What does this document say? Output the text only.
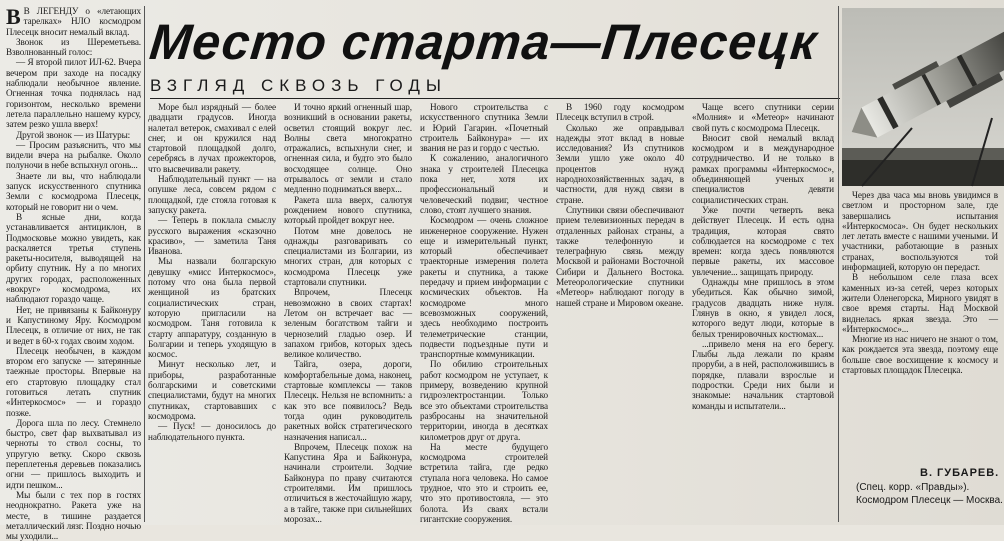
Место старта—Плесецк
ВЗГЛЯД СКВОЗЬ ГОДЫ

В В ЛЕГЕНДУ о «летающих тарелках» НЛО космодром Плесецк вносит немалый вклад.

Звонок из Шереметьева. Взволнованный голос:

— Я второй пилот ИЛ-62. Вчера вечером при заходе на посадку наблюдали необычное явление. Огненная точка поднялась над горизонтом, несколько времени летела параллельно нашему курсу, затем резко ушла вверх!

Другой звонок — из Шатуры:

— Просим разъяснить, что мы видели вчера на рыбалке. Около полуночи в небе вспыхнул огонь...

Знаете ли вы, что наблюдали запуск искусственного спутника Земли с космодрома Плесецк, который не говорит ни о чем.

В ясные дни, когда устанавливается антициклон, в Подмосковье можно увидеть, как раскаляется третья ступень ракеты-носителя, выводящей на орбиту спутник. Ну а по многих других городах, расположенных «вокруг» космодрома, их наблюдают гораздо чаще.

Нет, не привязаны к Байконуру и Капустиному Яру. Космодром Плесецк, в отличие от них, не так и ведет в 60-х годах своим ходом.

Плесецк необычен, в каждом втором его запуске — затерянные таежные просторы. Впервые на его стартовую площадку стал готовиться летать спутник «Интеркосмос» — и гораздо позже.

Дорога шла по лесу. Стемнело быстро, свет фар выхватывал из черноты то ствол сосны, то упругую ветку. Скоро сквозь переплетенья деревьев показались огни — пришлось выходить и идти пешком...

Мы были с тех пор в гостях неоднократно. Ракета уже на месте, в тишине раздается металлический лязг. Поздно ночью мы уходили...

Море был изрядный — более двадцати градусов. Иногда налетал ветерок, смахивал с елей снег, и он кружился над стартовой площадкой долго, серебрясь в лучах прожекторов, что высвечивали ракету.

Наблюдательный пункт — на опушке леса, совсем рядом с площадкой, где стояла готовая к запуску ракета.

— Теперь в поклала смыслу русского выражения «сказочно красиво», — заметила Таня Иванова.

Мы назвали болгарскую девушку «мисс Интеркосмос», потому что она была первой женщиной из братских социалистических стран, которую пригласили на космодром. Таня готовила к старту аппаратуру, созданную в Болгарии и теперь уходящую в космос.

Минут несколько лет, и приборы, разработанные болгарскими и советскими специалистами, будут на многих спутниках, стартовавших с космодрома.

— Пуск! — доносилось до наблюдательного пункта.

И точно яркий огненный шар, возникший в основании ракеты, осветил стоящий вокруг лес. Волны света многократно отражались, вспыхнули снег, и огненная сила, и будто это было восходящее солнце. Оно отрывалось от земли и стало медленно подниматься вверх...

Ракета шла вверх, салютуя рождением нового спутника, который пройдет вокруг нее.

Потом мне довелось не однажды разговаривать со специалистами из Болгарии, из многих стран, для которых с космодрома Плесецк уже стартовали спутники.

Впрочем, Плесецк невозможно в своих стартах! Летом он встречает вас — зеленым богатством тайги и чернозелий гладью озер. И запахом грибов, которых здесь великое количество.

Тайга, озера, дороги, комфортабельные дома, наконец, стартовые комплексы — таков Плесецк. Нельзя не вспомнить: а как это все появилось? Ведь тогда один руководитель ракетных войск стратегического назначения написал...

Впрочем, Плесецк похож на Капустина Яра и Байконура, начинали строители. Зодчие Байконура по праву считаются строителями. Им пришлось отличиться в жесточайшую жару, а в тайге, также при сильнейших морозах...

Нового строительства с искусственного спутника Земли и Юрий Гагарин. «Почетный строитель Байконура» — их звания не раз и гордо с честью.

К сожалению, аналогичного знака у строителей Плесецка пока нет, хотя их профессиональный и человеческий подвиг, честное слово, стоят лучшего знания.

Космодром — очень сложное инженерное сооружение. Нужен еще и измерительный пункт, который обеспечивает траекторные измерения полета ракеты и спутника, а также передачу и прием информации с космических объектов. На космодроме много всевозможных сооружений, здесь необходимо построить телеметрические станции, подвести подъездные пути и транспортные коммуникации.

По обилию строительных работ космодром не уступает, к примеру, возведению крупной гидроэлектростанции. Только все это объектами строительства разбросаны на значительной территории, иногда в десятках километров друг от друга.

На месте будущего космодрома строителей встретила тайга, где редко ступала нога человека. Но самое трудное, что это и строить ее, что это противостояла, — это болота. Из сваях встали гигантские сооружения.

В 1960 году космодром Плесецк вступил в строй.

Сколько же оправдывал надежды этот вклад в новые исследования? Из спутников Земли ушло уже около 40 процентов нужд народнохозяйственных задач, в частности, для нужд связи в стране.

Спутники связи обеспечивают прием телевизионных передач в отдаленных районах страны, а также телефонную и телеграфную связь между Москвой и районами Восточной Сибири и Дальнего Востока. Метеорологические спутники «Метеор» наблюдают погоду в нашей стране и Мировом океане.

Чаще всего спутники серии «Молния» и «Метеор» начинают свой путь с космодрома Плесецк.

Вносит свой немалый вклад космодром и в международное сотрудничество. И не только в рамках программы «Интеркосмос», объединяющей ученых и специалистов девяти социалистических стран.

Уже почти четверть века действует Плесецк. И есть одна традиция, которая свято соблюдается на космодроме с тех времен: когда здесь появляются первые ракеты, их массовое увлечение... защищать природу.

Однажды мне пришлось в этом убедиться. Как обычно зимой, градусов двадцать ниже нуля. Глянув в окно, я увидел лося, которого ведут люди, которые в белых тренировочных костюмах...

...привело меня на его берегу. Глыбы льда лежали по краям проруби, а в ней, расположившись в порядке, плавали взрослые и подростки. Среди них были и знакомые: начальник стартовой команды и испытатели...

Через два часа мы вновь увидимся в светлом и просторном зале, где завершались испытания «Интеркосмоса». Он будет нескольких лет летать вместе с нашими учеными. И участники, работающие в разных странах, воспользуются той информацией, которую он передаст.

В небольшом селе глаза всех каменных из-за сетей, через которых жители Оленегорска, Мирного увидят в свое время старты. Над Москвой виднелась яркая звезда. Это — «Интеркосмос»...

Многие из нас ничего не знают о том, как рождается эта звезда, поэтому еще больше свое восхищение к космосу и стартовых площадок Плесецка.

В. ГУБАРЕВ.
(Спец. корр. «Правды»).
Космодром Плесецк — Москва.
